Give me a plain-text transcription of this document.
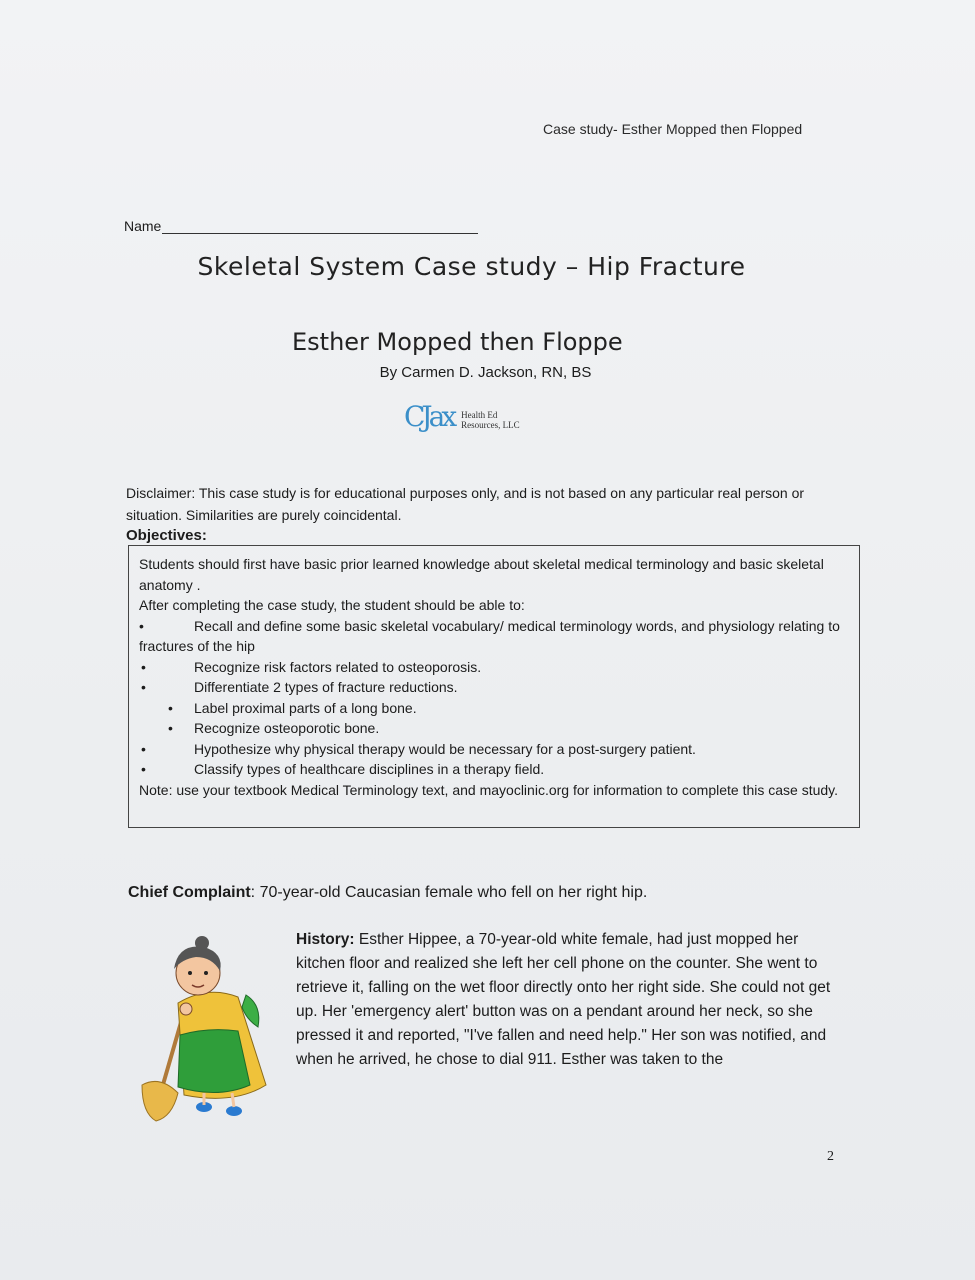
Case study- Esther Mopped then Flopped
Name
Skeletal System Case study – Hip Fracture
Esther Mopped then Floppe
By Carmen D. Jackson, RN, BS
CJax Health Ed
Resources, LLC
Disclaimer: This case study is for educational purposes only, and is not based on any particular real person or situation. Similarities are purely coincidental.
Objectives:

Students should first have basic prior learned knowledge about skeletal medical terminology and basic skeletal anatomy .

After completing the case study, the student should be able to:

•	Recall and define some basic skeletal vocabulary/ medical terminology words, and physiology relating to fractures of the hip
• Recognize risk factors related to osteoporosis.
• Differentiate 2 types of fracture reductions.
• Label proximal parts of a long bone.
• Recognize osteoporotic bone.
• Hypothesize why physical therapy would be necessary for a post-surgery patient.
• Classify types of healthcare disciplines in a therapy field.

Note: use your textbook Medical Terminology text, and mayoclinic.org for information to complete this case study.

Chief Complaint: 70-year-old Caucasian female who fell on her right hip.
History: Esther Hippee, a 70-year-old white female, had just mopped her kitchen floor and realized she left her cell phone on the counter. She went to retrieve it, falling on the wet floor directly onto her right side. She could not get up. Her 'emergency alert' button was on a pendant around her neck, so she pressed it and reported, "I've fallen and need help." Her son was notified, and when he arrived, he chose to dial 911. Esther was taken to the
2
